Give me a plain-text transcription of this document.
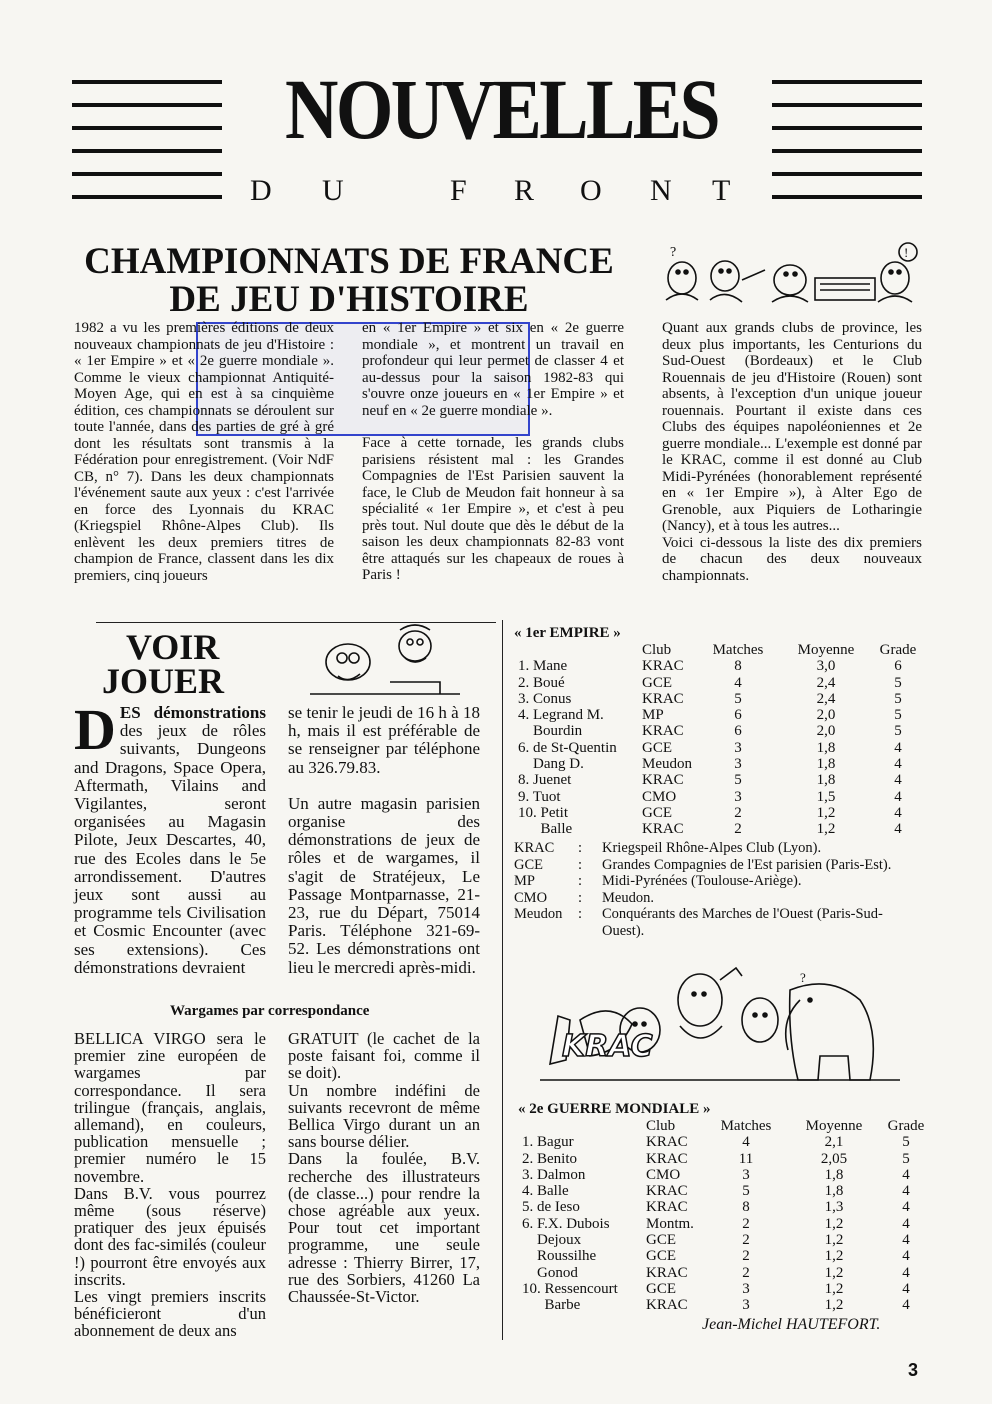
NOUVELLES
D U	F R O N T
CHAMPIONNATS DE FRANCE
DE JEU D'HISTOIRE
?	!

1982 a vu les premières éditions de deux nouveaux championnats de jeu d'Histoire : « 1er Empire » et « 2e guerre mondiale ». Comme le vieux championnat Antiquité-Moyen Age, qui en est à sa cinquième édition, ces championnats se déroulent sur toute l'année, dans des parties de gré à gré dont les résultats sont transmis à la Fédération pour enregistrement. (Voir NdF CB, n° 7). Dans les deux championnats l'événement saute aux yeux : c'est l'arrivée en force des Lyonnais du KRAC (Kriegspiel Rhône-Alpes Club). Ils enlèvent les deux premiers titres de champion de France, classent dans les dix premiers, cinq joueurs

en « 1er Empire » et six en « 2e guerre mondiale », et montrent un travail en profondeur qui leur permet de classer 4 et au-dessus pour la saison 1982-83 qui s'ouvre onze joueurs en « 1er Empire » et neuf en « 2e guerre mondiale ».

Face à cette tornade, les grands clubs parisiens résistent mal : les Grandes Compagnies de l'Est Parisien sauvent la face, le Club de Meudon fait honneur à sa spécialité « 1er Empire », et c'est à peu près tout. Nul doute que dès le début de la saison les deux championnats 82-83 vont être attaqués sur les chapeaux de roues à Paris !

Quant aux grands clubs de province, les deux plus importants, les Centurions du Sud-Ouest (Bordeaux) et le Club Rouennais de jeu d'Histoire (Rouen) sont absents, à l'exception d'un unique joueur rouennais. Pourtant il existe dans ces Clubs des équipes napoléoniennes et 2e guerre mondiale... L'exemple est donné par le KRAC, comme il est donné au Club Midi-Pyrénées (honorablement représenté en « 1er Empire »), à Alter Ego de Grenoble, aux Piquiers de Lotharingie (Nancy), et à tous les autres...

Voici ci-dessous la liste des dix premiers de chacun des deux nouveaux championnats.

VOIR
JOUER

DES démonstrations des jeux de rôles suivants, Dungeons and Dragons, Space Opera, Aftermath, Vilains and Vigilantes, seront organisées au Magasin Pilote, Jeux Descartes, 40, rue des Ecoles dans le 5e arrondissement. D'autres jeux sont aussi au programme tels Civilisation et Cosmic Encounter (avec ses extensions). Ces démonstrations devraient

se tenir le jeudi de 16 h à 18 h, mais il est préférable de se renseigner par téléphone au 326.79.83.

Un autre magasin parisien organise des démonstrations de jeux de rôles et de wargames, il s'agit de Stratéjeux, Le Passage Montparnasse, 21-23, rue du Départ, 75014 Paris. Téléphone 321-69-52. Les démonstrations ont lieu le mercredi après-midi.

Wargames par correspondance

BELLICA VIRGO sera le premier zine européen de wargames par correspondance. Il sera trilingue (français, anglais, allemand), en couleurs, publication mensuelle ; premier numéro le 15 novembre.

Dans B.V. vous pourrez même (sous réserve) pratiquer des jeux épuisés dont des fac-similés (couleur !) pourront être envoyés aux inscrits.

Les vingt premiers inscrits bénéficieront d'un abonnement de deux ans

GRATUIT (le cachet de la poste faisant foi, comme il se doit).

Un nombre indéfini de suivants recevront de même Bellica Virgo durant un an sans bourse délier.

Dans la foulée, B.V. recherche des illustrateurs (de classe...) pour rendre la chose agréable aux yeux. Pour tout cet important programme, une seule adresse : Thierry Birrer, 17, rue des Sorbiers, 41260 La Chaussée-St-Victor.

« 1er EMPIRE »
	Club	Matches	Moyenne	Grade
1. Mane	KRAC	8	3,0	6
2. Boué	GCE	4	2,4	5
3. Conus	KRAC	5	2,4	5
4. Legrand M.	MP	6	2,0	5
Bourdin	KRAC	6	2,0	5
6. de St-Quentin	GCE	3	1,8	4
Dang D.	Meudon	3	1,8	4
8. Juenet	KRAC	5	1,8	4
9. Tuot	CMO	3	1,5	4
10. Petit	GCE	2	1,2	4
Balle	KRAC	2	1,2	4
KRAC	:	Kriegspeil Rhône-Alpes Club (Lyon).
GCE	:	Grandes Compagnies de l'Est parisien (Paris-Est).
MP	:	Midi-Pyrénées (Toulouse-Ariège).
CMO	:	Meudon.
Meudon	:	Conquérants des Marches de l'Ouest (Paris-Sud-Ouest).
?
KRAC
« 2e GUERRE MONDIALE »
	Club	Matches	Moyenne	Grade
1. Bagur	KRAC	4	2,1	5
2. Benito	KRAC	11	2,05	5
3. Dalmon	CMO	3	1,8	4
4. Balle	KRAC	5	1,8	4
5. de Ieso	KRAC	8	1,3	4
6. F.X. Dubois	Montm.	2	1,2	4
Dejoux	GCE	2	1,2	4
Roussilhe	GCE	2	1,2	4
Gonod	KRAC	2	1,2	4
10. Ressencourt	GCE	3	1,2	4
Barbe	KRAC	3	1,2	4
Jean-Michel HAUTEFORT.
3
